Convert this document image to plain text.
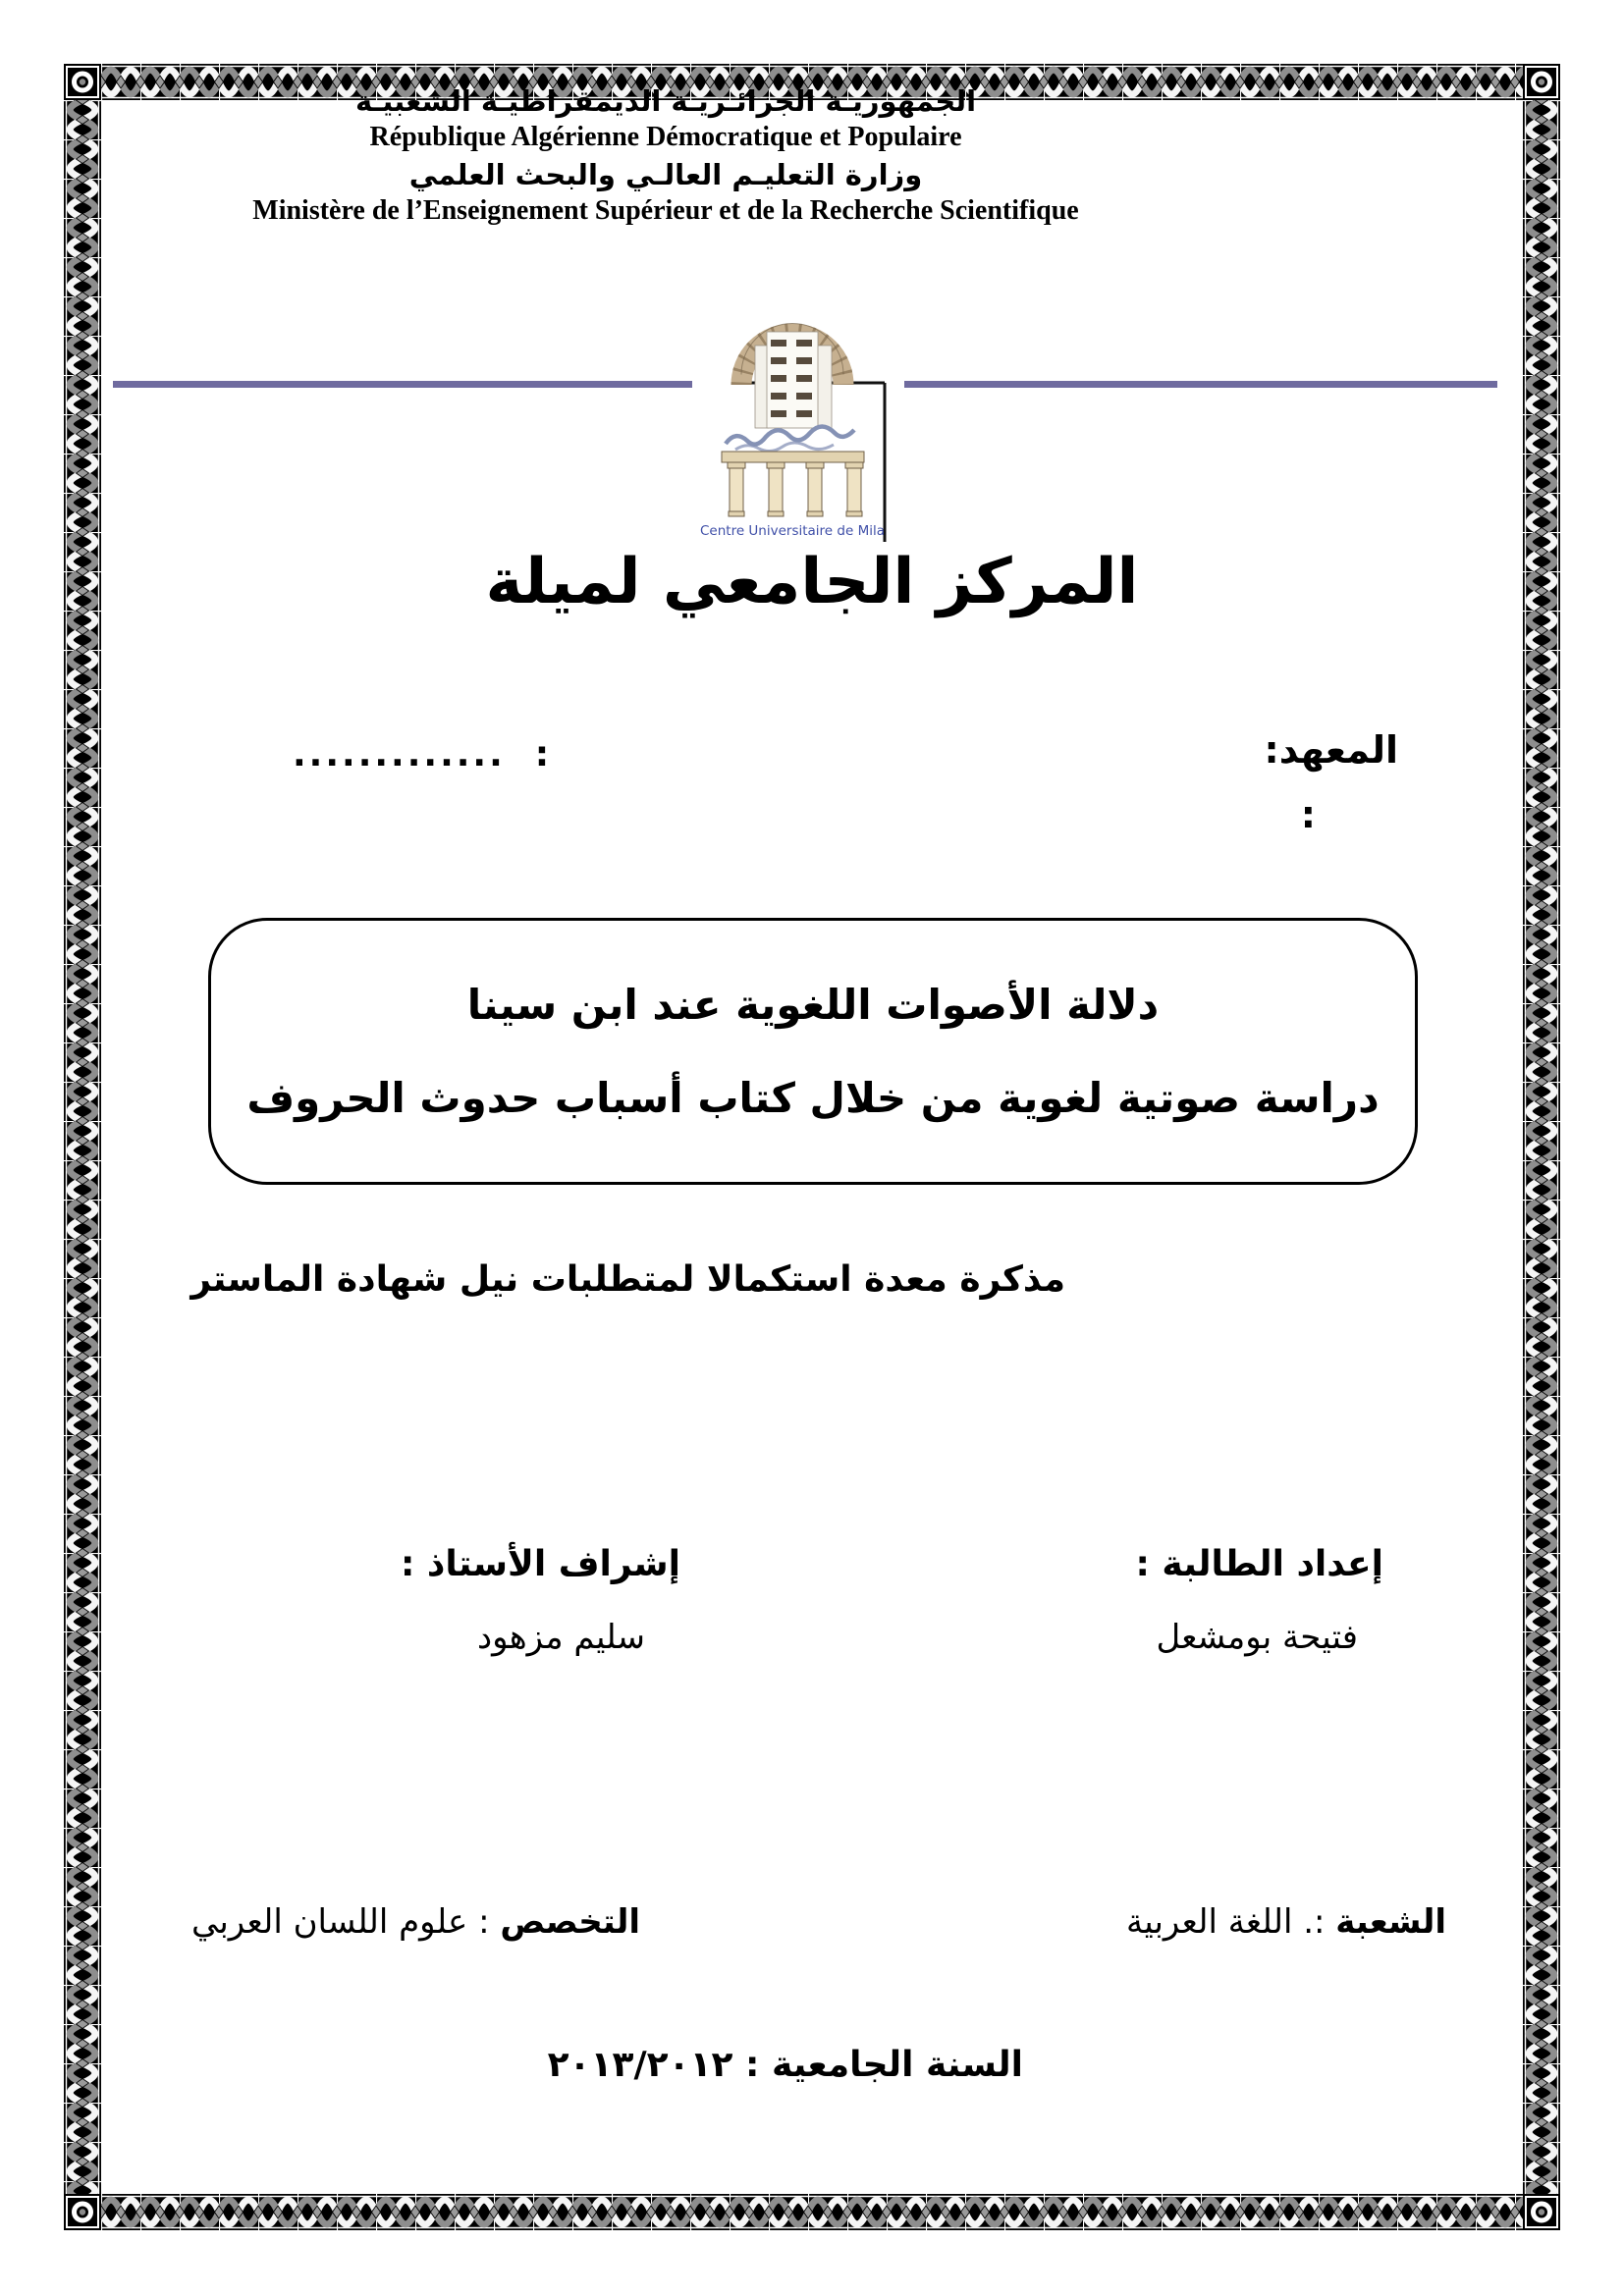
الجمهوريـة الجزائـريـة الديمقراطيـة الشعبيـة
République Algérienne Démocratique et Populaire
وزارة التعليـم العالـي والبحث العلمي
Ministère de l’Enseignement Supérieur et de la Recherche Scientifique
Centre Universitaire de Mila
المركز الجامعي لميلة
المعهد:
............. :
:
دلالة الأصوات اللغوية عند ابن سينا
دراسة صوتية لغوية من خلال كتاب أسباب حدوث الحروف
مذكرة معدة استكمالا لمتطلبات نيل شهادة الماستر
إعداد الطالبة :
فتيحة بومشعل
إشراف الأستاذ :
سليم مزهود
الشعبة :. اللغة العربية
التخصص : علوم اللسان العربي
السنة الجامعية : ٢٠١٣/٢٠١٢
